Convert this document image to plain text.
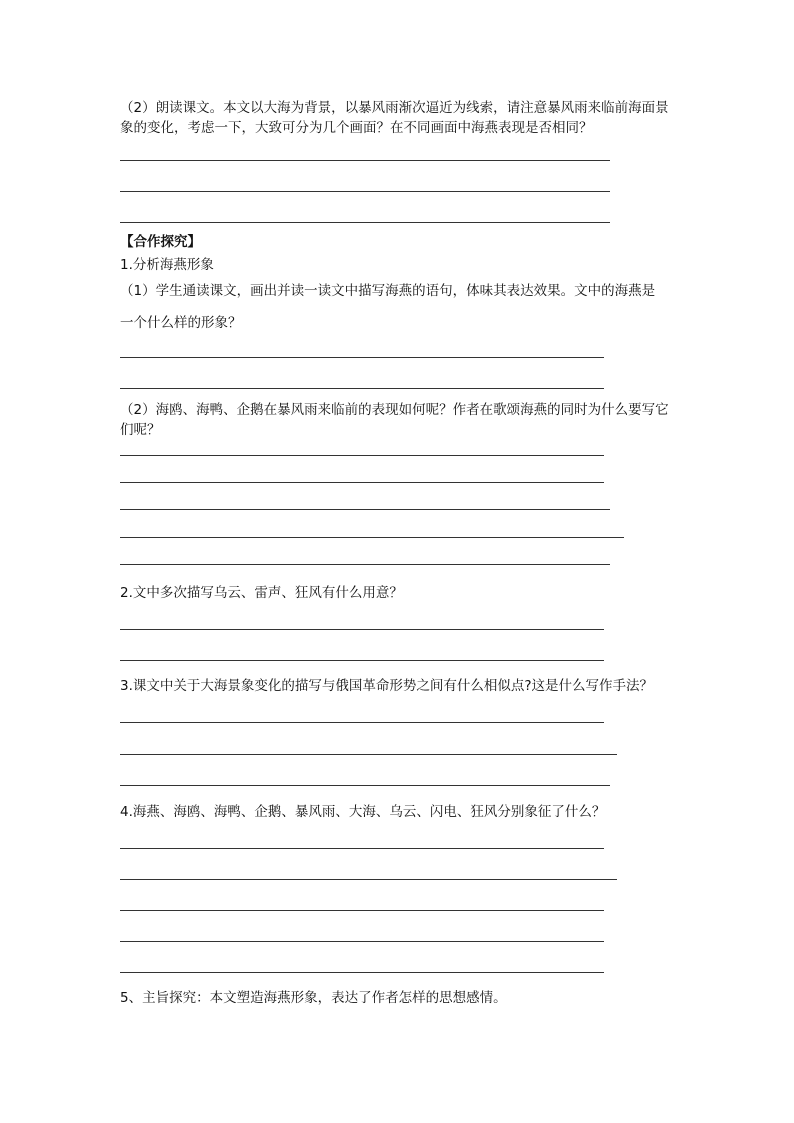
（2）朗读课文。本文以大海为背景，以暴风雨渐次逼近为线索，请注意暴风雨来临前海面景象的变化，考虑一下，大致可分为几个画面？在不同画面中海燕表现是否相同？
【合作探究】
1.分析海燕形象
（1）学生通读课文，画出并读一读文中描写海燕的语句，体味其表达效果。文中的海燕是
一个什么样的形象？
（2）海鸥、海鸭、企鹅在暴风雨来临前的表现如何呢？作者在歌颂海燕的同时为什么要写它们呢？
2.文中多次描写乌云、雷声、狂风有什么用意？
3.课文中关于大海景象变化的描写与俄国革命形势之间有什么相似点?这是什么写作手法？
4.海燕、海鸥、海鸭、企鹅、暴风雨、大海、乌云、闪电、狂风分别象征了什么？
5、主旨探究：本文塑造海燕形象，表达了作者怎样的思想感情。
